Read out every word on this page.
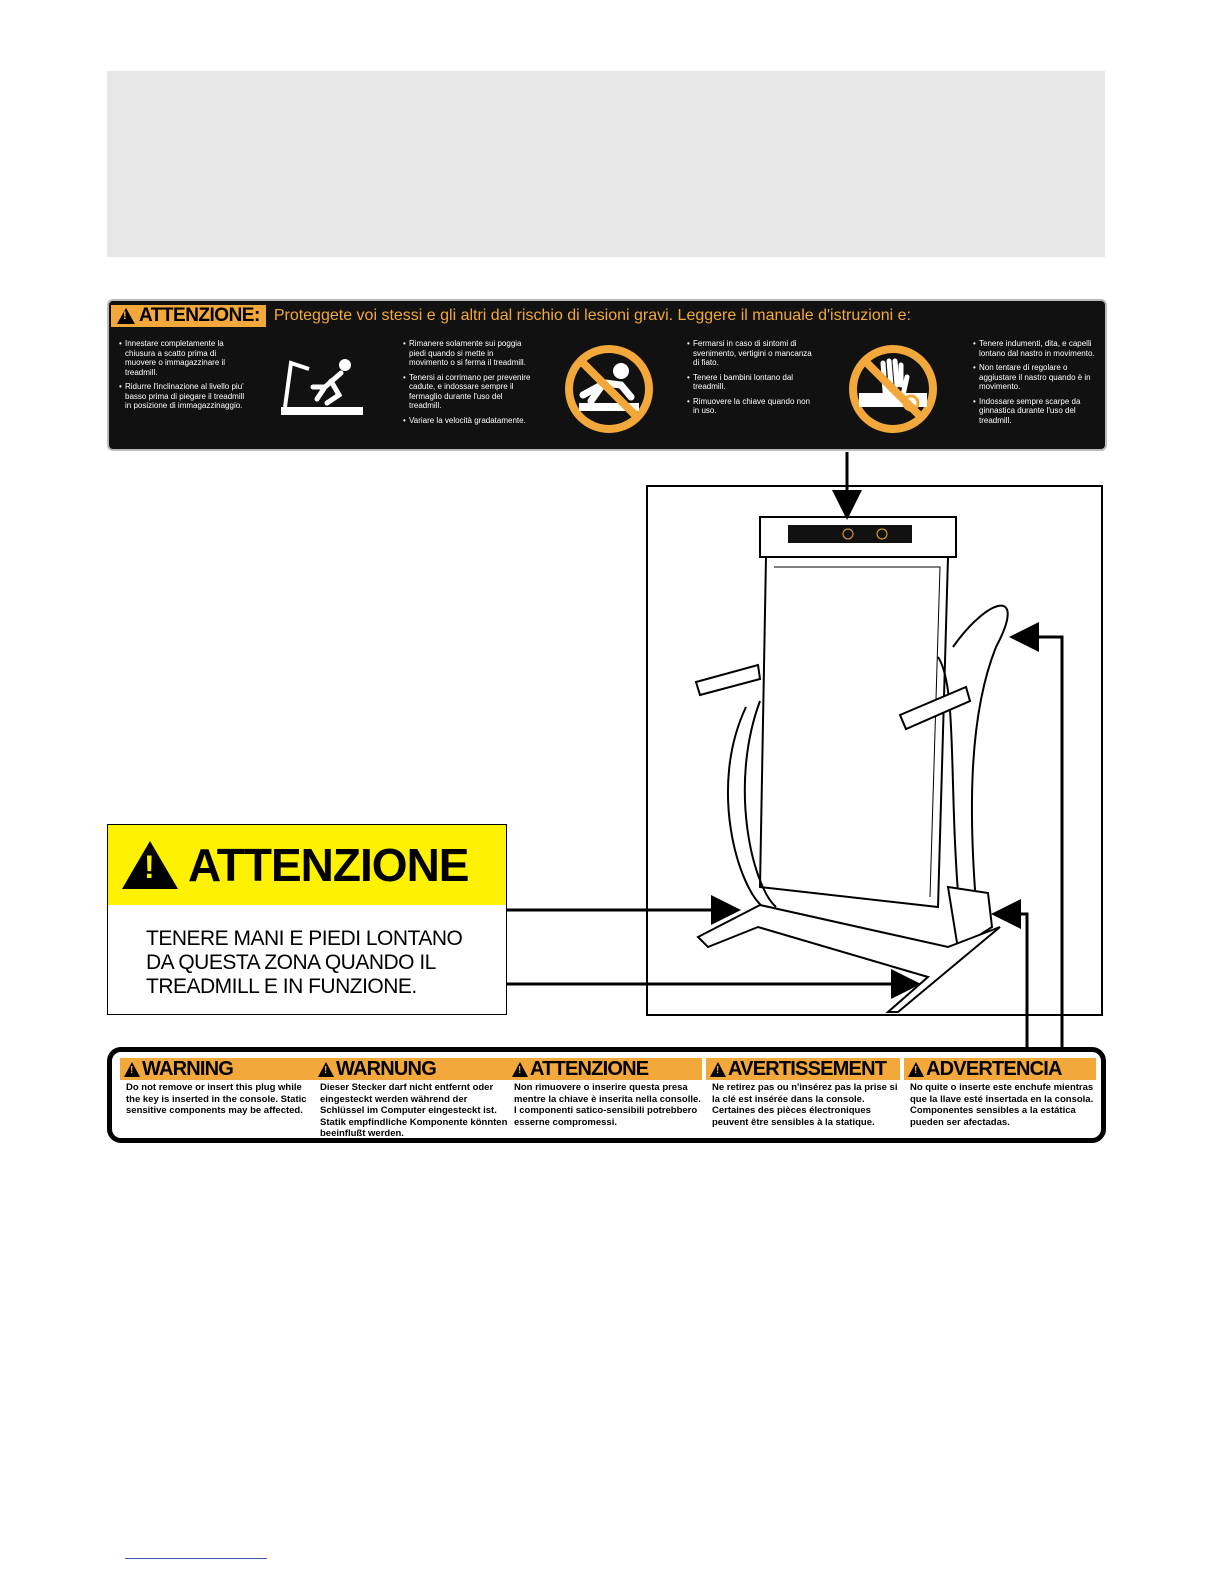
!
ATTENZIONE: Proteggete voi stessi e gli altri dal rischio di lesioni gravi. Leggere il manuale d'istruzioni e:
• Innestare completamente la chiusura a scatto prima di muovere o immagazzinare il treadmill.
• Ridurre l'inclinazione al livello piu' basso prima di piegare il treadmill in posizione di immagazzinaggio.
• Rimanere solamente sui poggia piedi quando si mette in movimento o si ferma il treadmill.
• Tenersi ai corrimano per prevenire cadute, e indossare sempre il fermaglio durante l'uso del treadmill.
• Variare la velocità gradatamente.
• Fermarsi in caso di sintomi di svenimento, vertigini o mancanza di fiato.
• Tenere i bambini lontano dal treadmill.
• Rimuovere la chiave quando non in uso.
• Tenere indumenti, dita, e capelli lontano dal nastro in movimento.
• Non tentare di regolare o aggiustare il nastro quando è in movimento.
• Indossare sempre scarpe da ginnastica durante l'uso del treadmill.
! ATTENZIONE
TENERE MANI E PIEDI LONTANO
DA QUESTA ZONA QUANDO IL
TREADMILL E IN FUNZIONE.
!
WARNING
Do not remove or insert this plug while the key is inserted in the console. Static sensitive components may be affected.
!
WARNUNG
Dieser Stecker darf nicht entfernt oder eingesteckt werden während der Schlüssel im Computer eingesteckt ist. Statik empfindliche Komponente könnten beeinflußt werden.
!
ATTENZIONE
Non rimuovere o inserire questa presa mentre la chiave è inserita nella consolle. I componenti satico-sensibili potrebbero esserne compromessi.
!
AVERTISSEMENT
Ne retirez pas ou n'insérez pas la prise si la clé est insérée dans la console. Certaines des pièces électroniques peuvent être sensibles à la statique.
!
ADVERTENCIA
No quite o inserte este enchufe mientras que la llave esté insertada en la consola. Componentes sensibles a la estática pueden ser afectadas.
